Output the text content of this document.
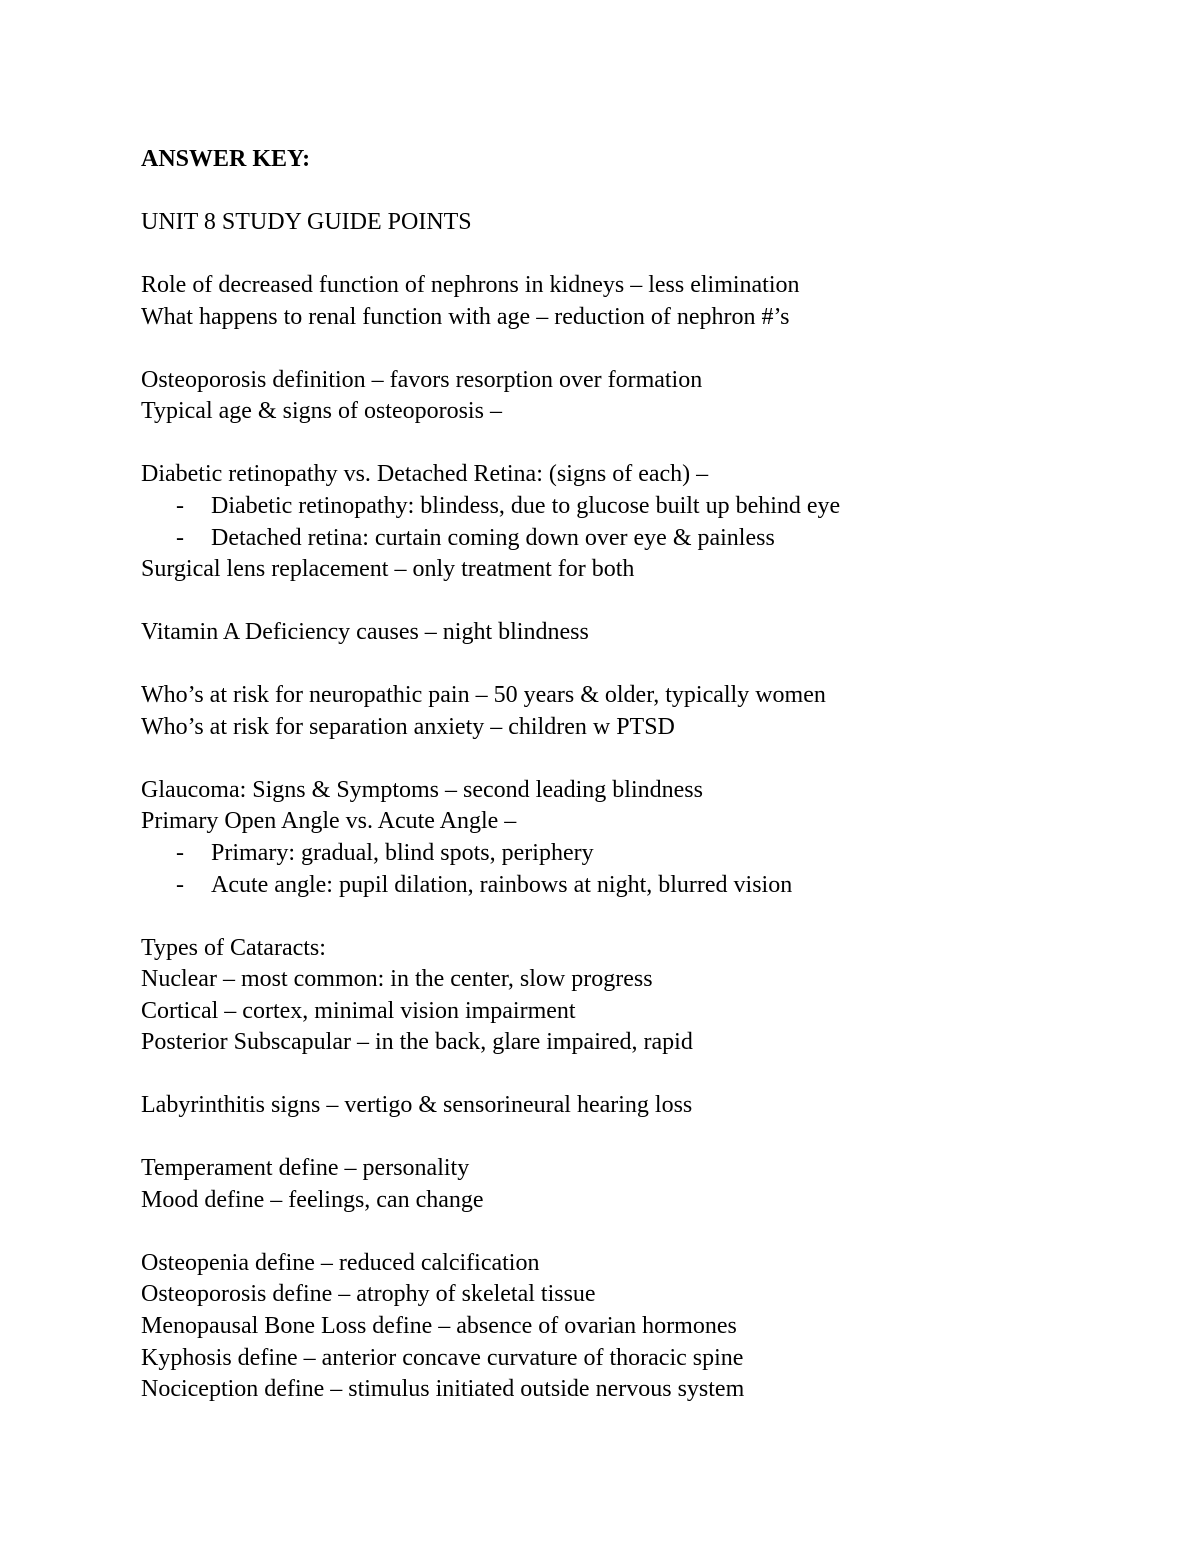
ANSWER KEY:
UNIT 8 STUDY GUIDE POINTS
Role of decreased function of nephrons in kidneys – less elimination
What happens to renal function with age – reduction of nephron #’s
Osteoporosis definition – favors resorption over formation
Typical age & signs of osteoporosis –
Diabetic retinopathy vs. Detached Retina: (signs of each) –
- Diabetic retinopathy: blindess, due to glucose built up behind eye
- Detached retina: curtain coming down over eye & painless
Surgical lens replacement – only treatment for both
Vitamin A Deficiency causes – night blindness
Who’s at risk for neuropathic pain – 50 years & older, typically women
Who’s at risk for separation anxiety – children w PTSD
Glaucoma: Signs & Symptoms – second leading blindness
Primary Open Angle vs. Acute Angle –
- Primary: gradual, blind spots, periphery
- Acute angle: pupil dilation, rainbows at night, blurred vision
Types of Cataracts:
Nuclear – most common: in the center, slow progress
Cortical – cortex, minimal vision impairment
Posterior Subscapular – in the back, glare impaired, rapid
Labyrinthitis signs – vertigo & sensorineural hearing loss
Temperament define – personality
Mood define – feelings, can change
Osteopenia define – reduced calcification
Osteoporosis define – atrophy of skeletal tissue
Menopausal Bone Loss define – absence of ovarian hormones
Kyphosis define – anterior concave curvature of thoracic spine
Nociception define – stimulus initiated outside nervous system
